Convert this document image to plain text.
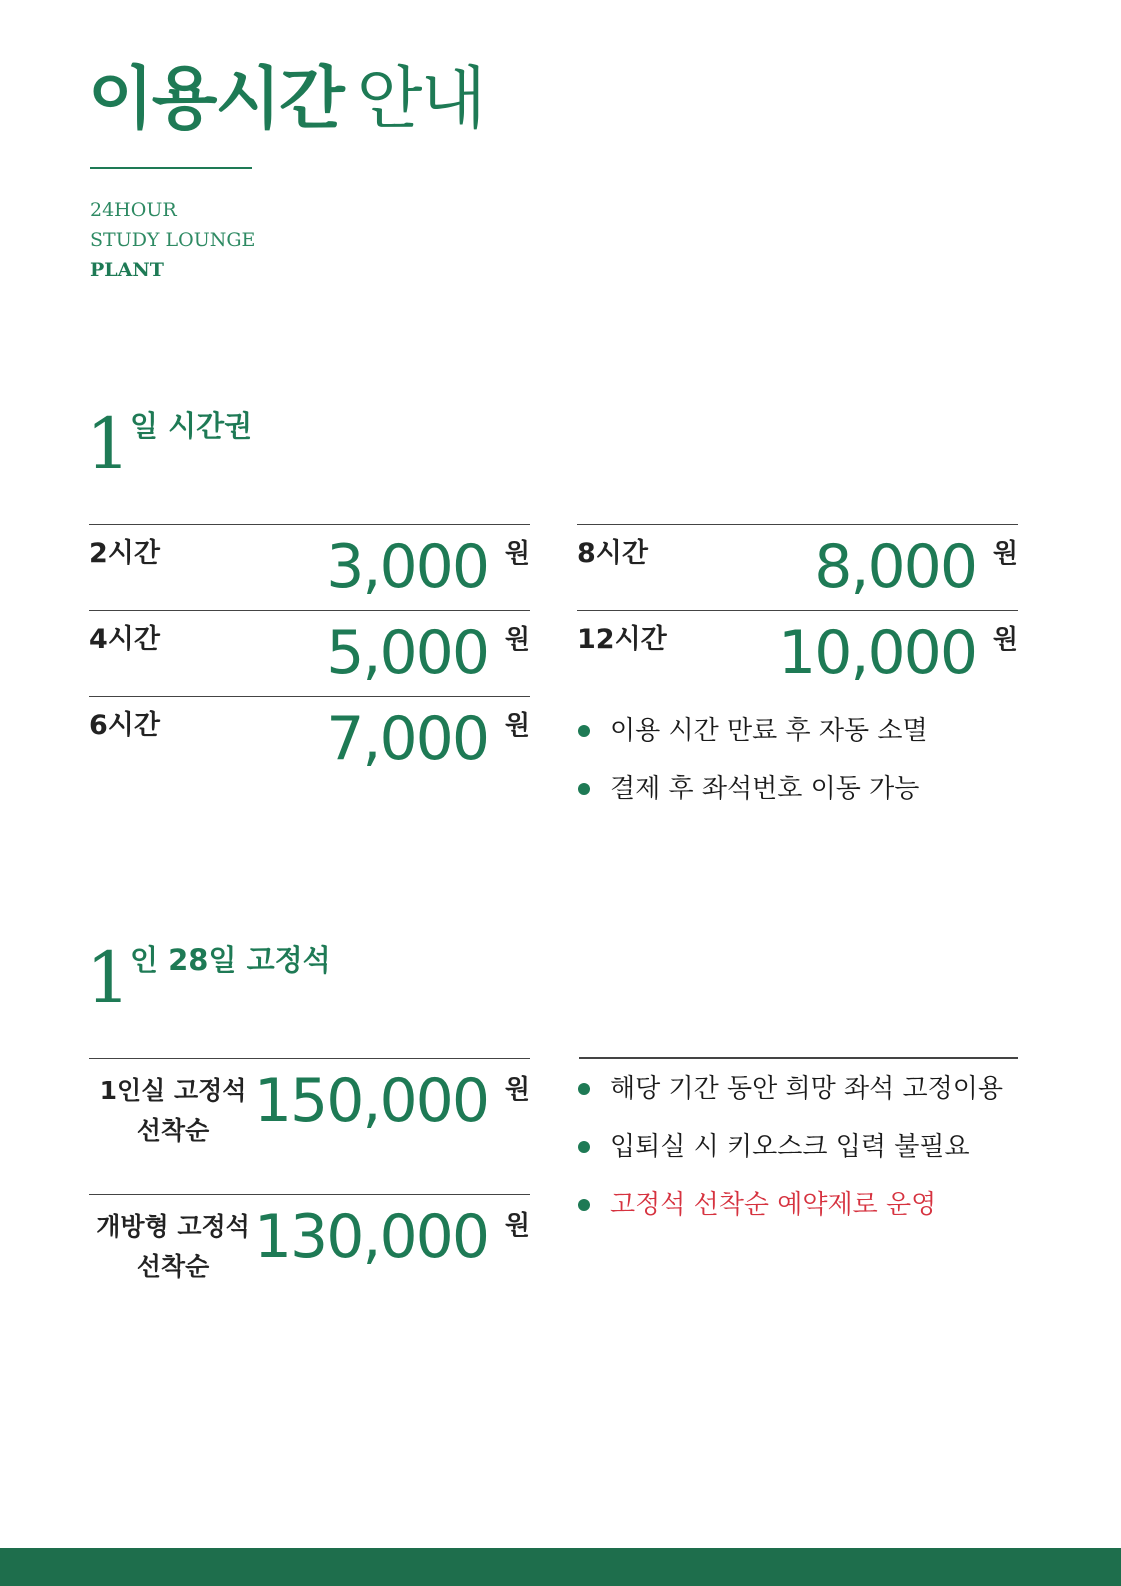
이용시간 안내
24HOUR
STUDY LOUNGE
PLANT
1 일 시간권
2시간	3,000 원
4시간	5,000 원
6시간	7,000 원
8시간	8,000 원
12시간 10,000 원
이용 시간 만료 후 자동 소멸
결제 후 좌석번호 이동 가능
1 인 28일 고정석
1인실 고정석
선착순 150,000 원
개방형 고정석
선착순 130,000 원
해당 기간 동안 희망 좌석 고정이용
입퇴실 시 키오스크 입력 불필요
고정석 선착순 예약제로 운영
